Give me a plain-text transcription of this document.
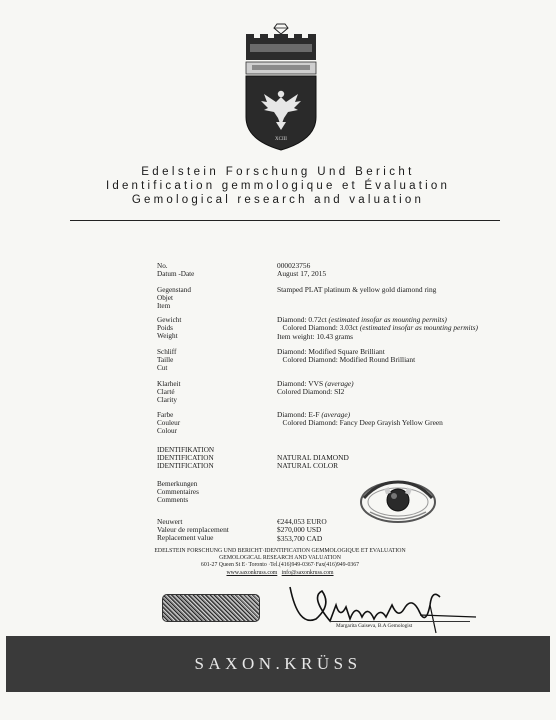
XCIII
Edelstein Forschung Und Bericht
Identification gemmologique et Évaluation
Gemological research and valuation
No.
Datum -Date
000023756
August 17, 2015
Gegenstand
Objet
Item
Stamped PLAT platinum & yellow gold diamond ring
Gewicht
Poids
Weight
Diamond: 0.72ct (estimated insofar as mounting permits)
Colored Diamond: 3.03ct (estimated insofar as mounting permits)
Item weight: 10.43 grams
Schliff
Taille
Cut
Diamond: Modified Square Brilliant
Colored Diamond: Modified Round Brilliant
Klarheit
Clarté
Clarity
Diamond: VVS (average)
Colored Diamond: SI2
Farbe
Couleur
Colour
Diamond: E-F (average)
Colored Diamond: Fancy Deep Grayish Yellow Green
IDENTIFIKATION
IDENTIFICATION
IDENTIFICATION
NATURAL DIAMOND
NATURAL COLOR
Bemerkungen
Commentaires
Comments
Neuwert
Valeur de remplacement
Replacement value
€244,053 EURO
$270,000 USD
$353,700 CAD
EDELSTEIN FORSCHUNG UND BERICHT·IDENTIFICATION GEMMOLOGIQUE ET EVALUATION
GEMOLOGICAL RESEARCH AND VALUATION
601-27 Queen St E· Toronto ·Tel.(416)949-0367·Fax(416)949-0367
www.saxonkruss.com info@saxonkruss.com
Margarita Gaiseva, B.A Gemologist
SAXON.KRÜSS
